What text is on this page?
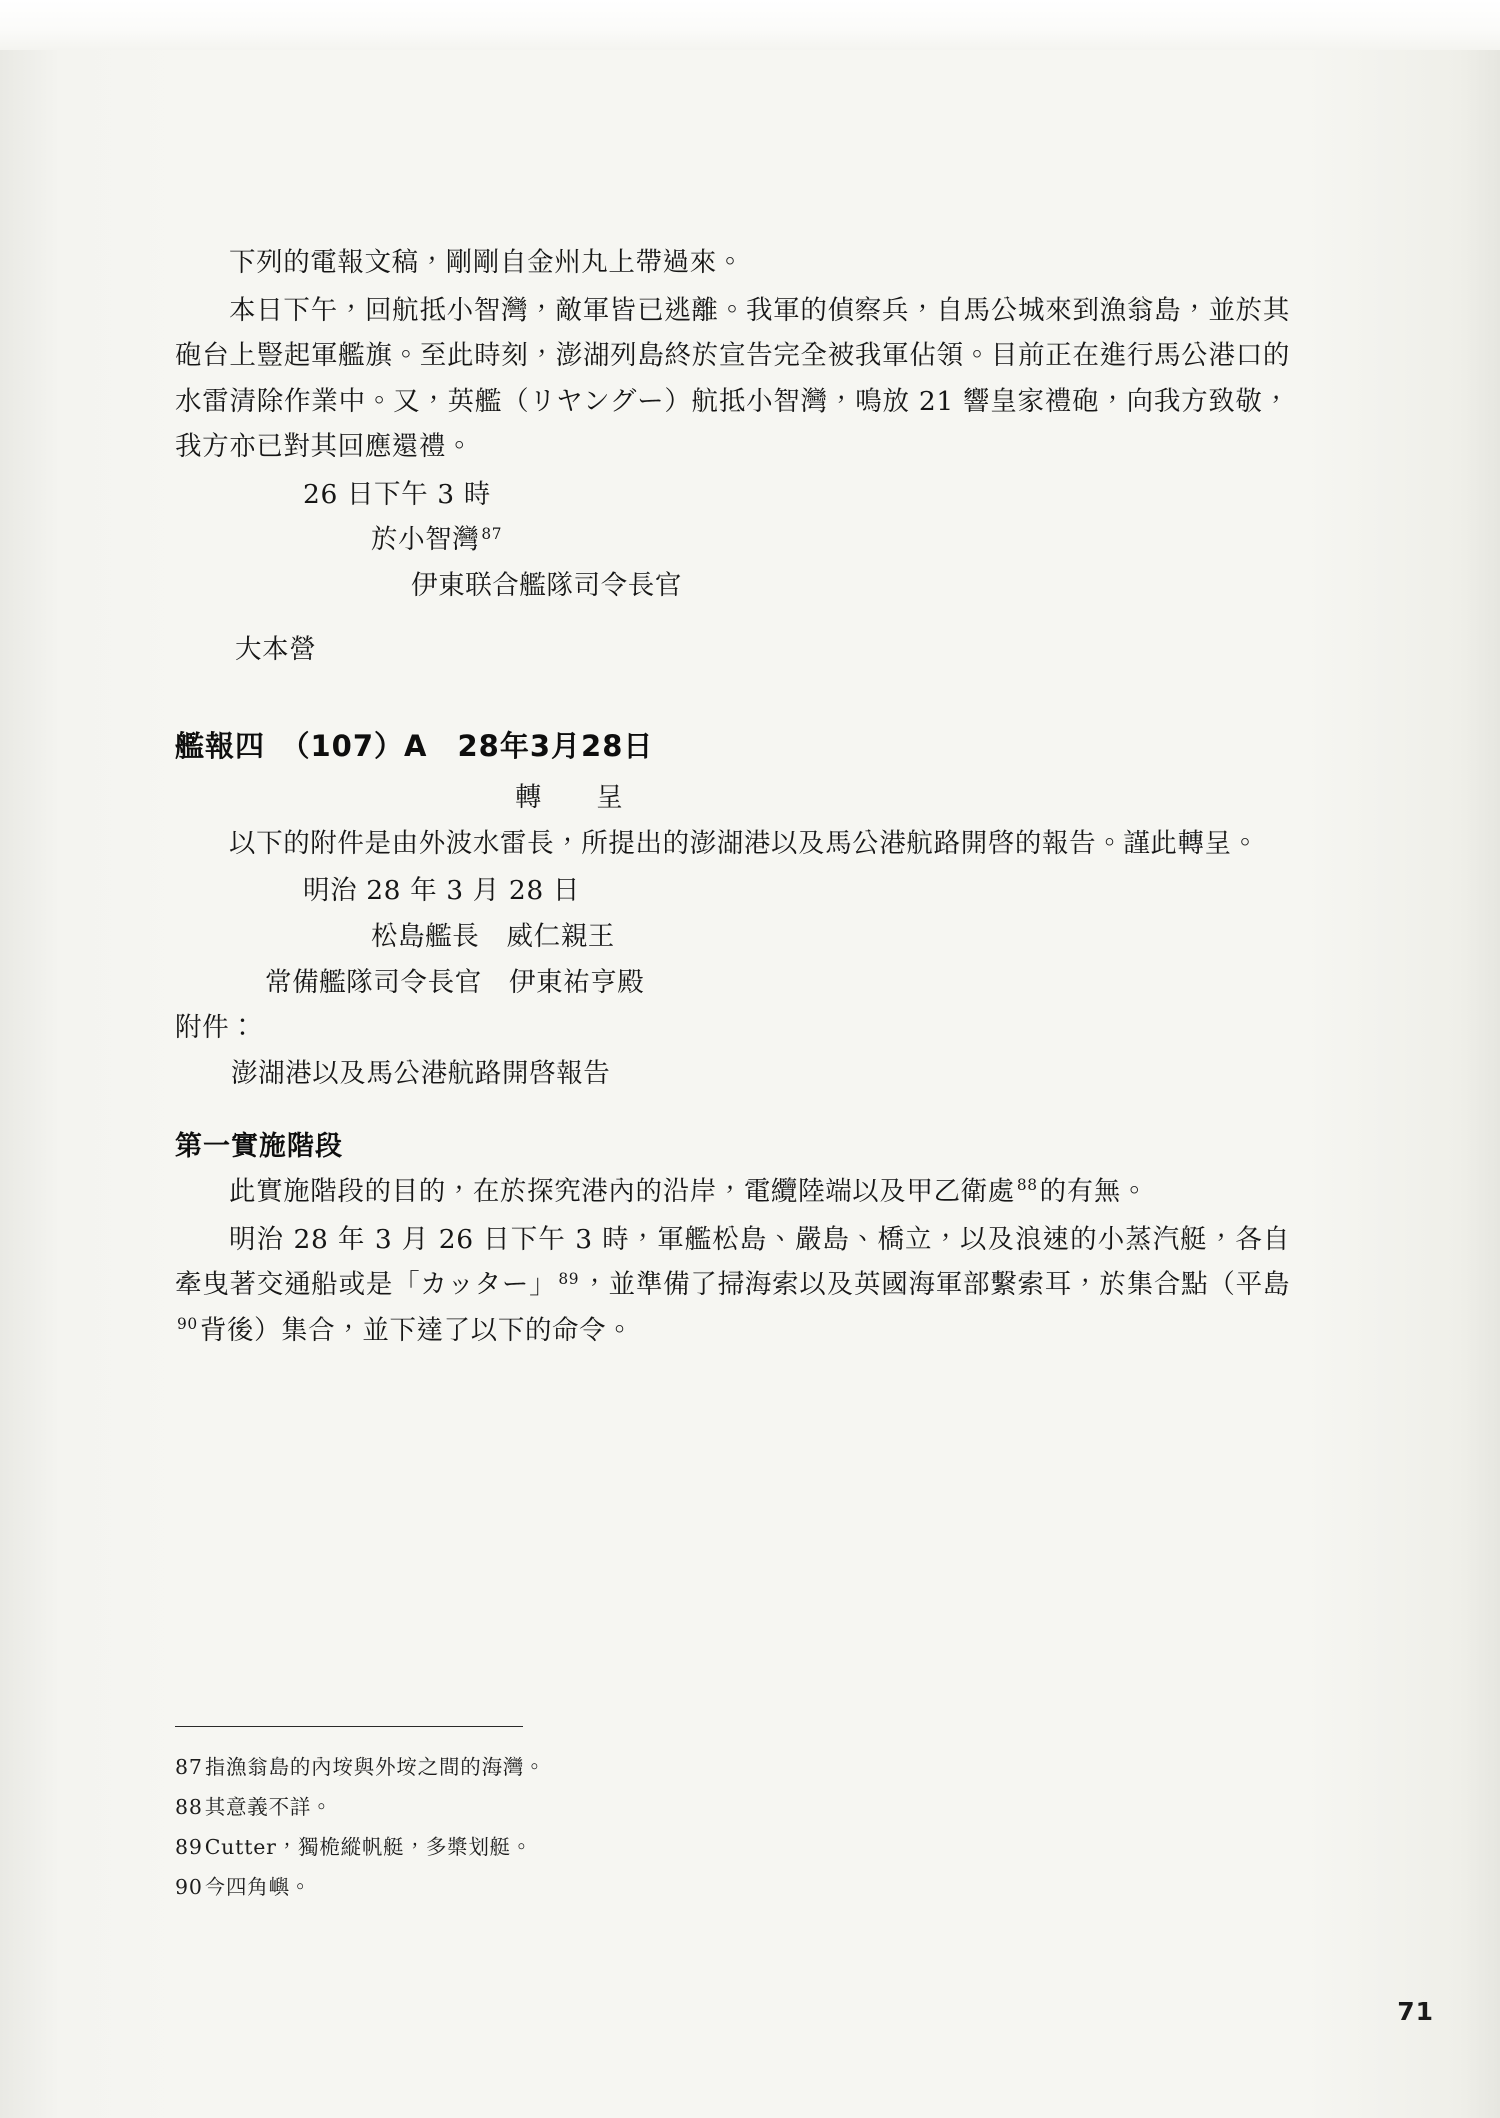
下列的電報文稿，剛剛自金州丸上帶過來。

本日下午，回航抵小智灣，敵軍皆已逃離。我軍的偵察兵，自馬公城來到漁翁島，並於其砲台上豎起軍艦旗。至此時刻，澎湖列島終於宣告完全被我軍佔領。目前正在進行馬公港口的水雷清除作業中。又，英艦（リヤングー）航抵小智灣，鳴放 21 響皇家禮砲，向我方致敬，我方亦已對其回應還禮。

26 日下午 3 時

於小智灣 $^{87}$

伊東联合艦隊司令長官

大本營

艦報四　（107）A　28年3月28日

轉　　呈

以下的附件是由外波水雷長，所提出的澎湖港以及馬公港航路開啓的報告。謹此轉呈。

明治 28 年 3 月 28 日

松島艦長　威仁親王

常備艦隊司令長官　伊東祐亨殿

附件：

澎湖港以及馬公港航路開啓報告

第一實施階段

此實施階段的目的，在於探究港內的沿岸，電纜陸端以及甲乙衛處 $^{88}$的有無。

明治 28 年 3 月 26 日下午 3 時，軍艦松島、嚴島、橋立，以及浪速的小蒸汽艇，各自牽曳著交通船或是「カッター」 $^{89}$，並準備了掃海索以及英國海軍部繫索耳，於集合點（平島$^{90}$背後）集合，並下達了以下的命令。

87指漁翁島的內垵與外垵之間的海灣。

88其意義不詳。

89Cutter，獨桅縱帆艇，多槳划艇。

90今四角嶼。

71
